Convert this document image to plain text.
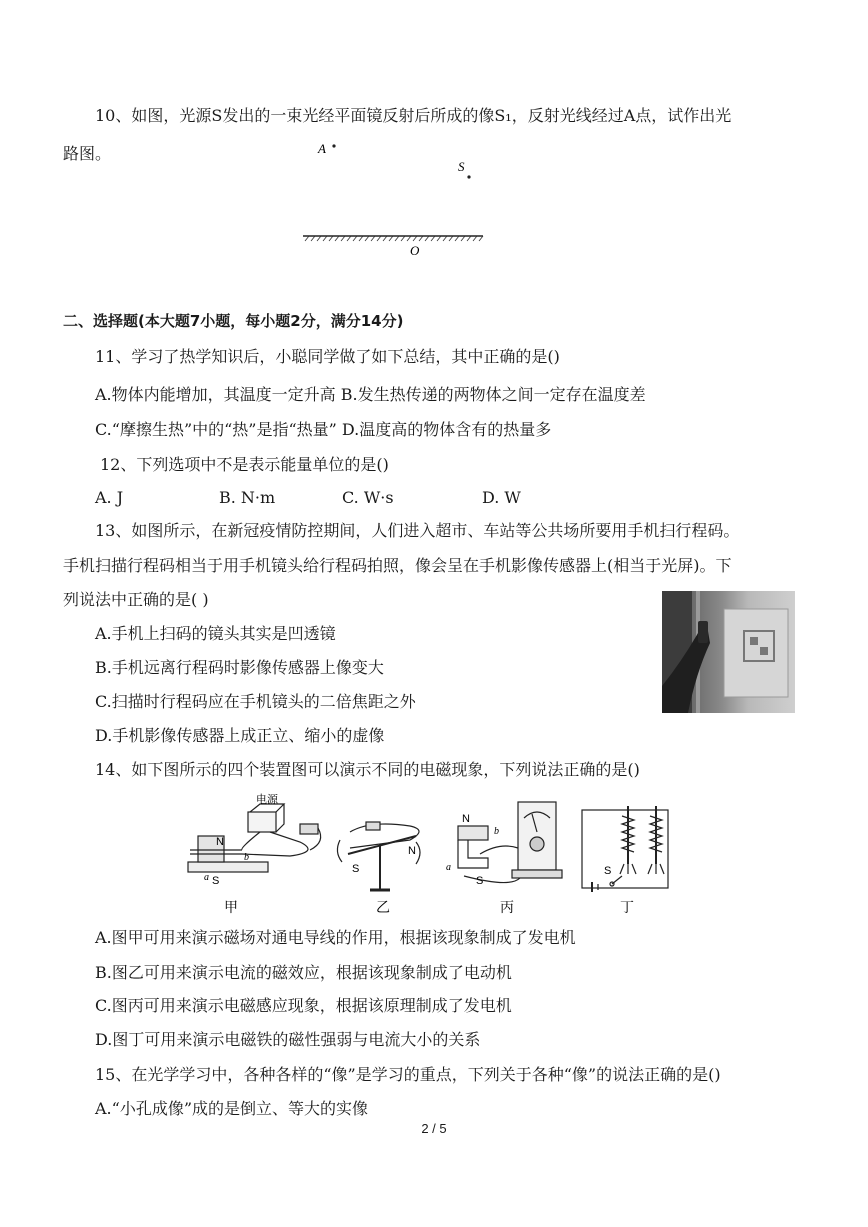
10、如图，光源S发出的一束光经平面镜反射后所成的像S₁，反射光线经过A点，试作出光
路图。	A
S
O
二、选择题(本大题7小题，每小题2分，满分14分)
11、学习了热学知识后，小聪同学做了如下总结，其中正确的是()
A.物体内能增加，其温度一定升高 B.发生热传递的两物体之间一定存在温度差
C.“摩擦生热”中的“热”是指“热量” D.温度高的物体含有的热量多
12、下列选项中不是表示能量单位的是()
A. J	B. N·m	C. W·s	D. W
13、如图所示，在新冠疫情防控期间，人们进入超市、车站等公共场所要用手机扫行程码。
手机扫描行程码相当于用手机镜头给行程码拍照，像会呈在手机影像传感器上(相当于光屏)。下
列说法中正确的是( )
A.手机上扫码的镜头其实是凹透镜
B.手机远离行程码时影像传感器上像变大
C.扫描时行程码应在手机镜头的二倍焦距之外
D.手机影像传感器上成正立、缩小的虚像
14、如下图所示的四个装置图可以演示不同的电磁现象，下列说法正确的是()
电源
N
b
a S
N
S
N
b
a
S
S
甲	乙	丙	丁
A.图甲可用来演示磁场对通电导线的作用，根据该现象制成了发电机
B.图乙可用来演示电流的磁效应，根据该现象制成了电动机
C.图丙可用来演示电磁感应现象，根据该原理制成了发电机
D.图丁可用来演示电磁铁的磁性强弱与电流大小的关系
15、在光学学习中，各种各样的“像”是学习的重点，下列关于各种“像”的说法正确的是()
A.“小孔成像”成的是倒立、等大的实像
2 / 5
